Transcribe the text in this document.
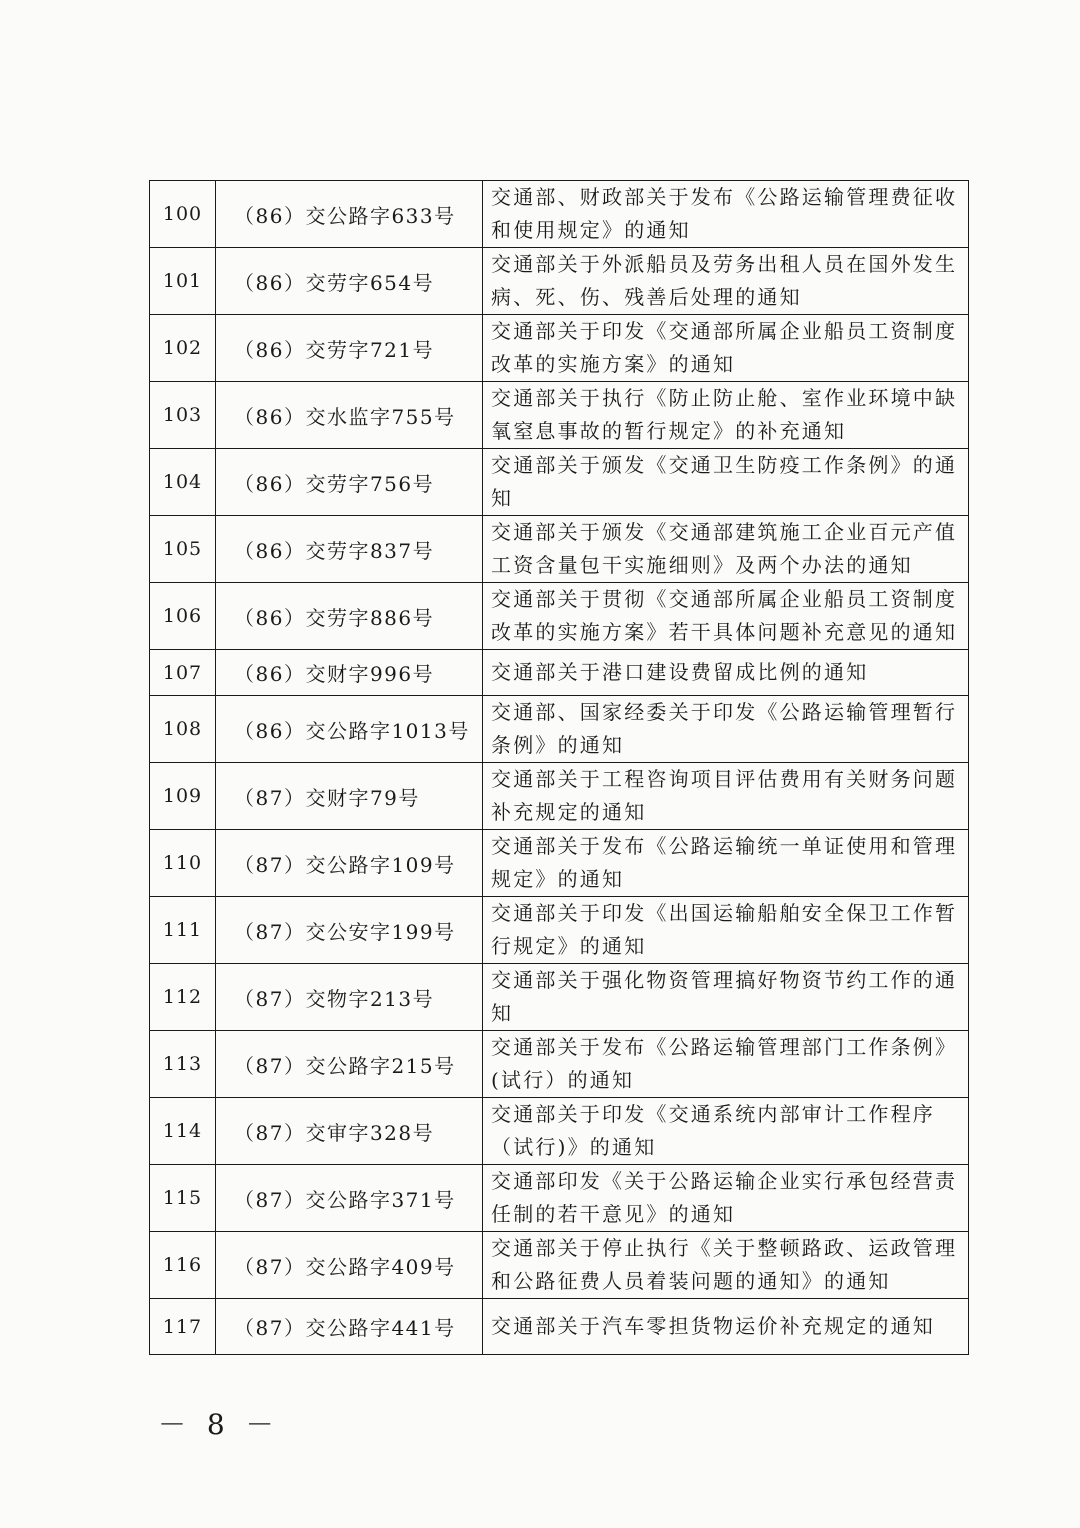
100	（86）交公路字633号	交通部、财政部关于发布《公路运输管理费征收和使用规定》的通知
101	（86）交劳字654号	交通部关于外派船员及劳务出租人员在国外发生病、死、伤、残善后处理的通知
102	（86）交劳字721号	交通部关于印发《交通部所属企业船员工资制度改革的实施方案》的通知
103	（86）交水监字755号	交通部关于执行《防止防止舱、室作业环境中缺氧窒息事故的暂行规定》的补充通知
104	（86）交劳字756号	交通部关于颁发《交通卫生防疫工作条例》的通知
105	（86）交劳字837号	交通部关于颁发《交通部建筑施工企业百元产值工资含量包干实施细则》及两个办法的通知
106	（86）交劳字886号	交通部关于贯彻《交通部所属企业船员工资制度改革的实施方案》若干具体问题补充意见的通知
107	（86）交财字996号	交通部关于港口建设费留成比例的通知
108	（86）交公路字1013号	交通部、国家经委关于印发《公路运输管理暂行条例》的通知
109	（87）交财字79号	交通部关于工程咨询项目评估费用有关财务问题补充规定的通知
110	（87）交公路字109号	交通部关于发布《公路运输统一单证使用和管理规定》的通知
111	（87）交公安字199号	交通部关于印发《出国运输船舶安全保卫工作暂行规定》的通知
112	（87）交物字213号	交通部关于强化物资管理搞好物资节约工作的通知
113	（87）交公路字215号	交通部关于发布《公路运输管理部门工作条例》(试行）的通知
114	（87）交审字328号	交通部关于印发《交通系统内部审计工作程序（试行)》的通知
115	（87）交公路字371号	交通部印发《关于公路运输企业实行承包经营责任制的若干意见》的通知
116	（87）交公路字409号	交通部关于停止执行《关于整顿路政、运政管理和公路征费人员着装问题的通知》的通知
117	（87）交公路字441号	交通部关于汽车零担货物运价补充规定的通知
－ 8 －
